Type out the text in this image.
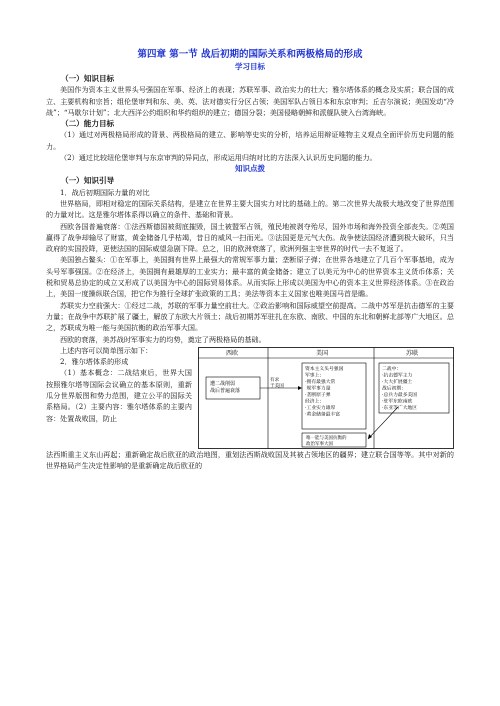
第四章 第一节 战后初期的国际关系和两极格局的形成
学习目标
（一）知识目标

美国作为资本主义世界头号强国在军事、经济上的表现；苏联军事、政治实力的壮大；雅尔塔体系的概念及实质；联合国的成立、主要机构和宗旨；组伦堡审判和东、美、英、法对德实行分区占领；美国军队占领日本和东京审判；丘吉尔演说；美国发动“冷战”；“马歇尔计划”；北大西洋公约组织和华约组织的建立；德国分裂；美国侵略朝鲜和派舰队驶入台湾海峡。

（二）能力目标

（1）通过对两极格局形成的背景、两极格局的建立、影响等史实的分析，培养运用辩证唯物主义观点全面评价历史问题的能力。

（2）通过比较纽伦堡审判与东京审判的异同点，形成运用归纳对比的方法深入认识历史问题的能力。

知识点拨
（一）知识引导

1．战后初期国际力量的对比

世界格局，即相对稳定的国际关系结构，是建立在世界主要大国实力对比的基础上的。第二次世界大战极大地改变了世界范围的力量对比。这是雅尔塔体系得以确立的条件、基础和背景。

西欧各国普遍衰落：①法西斯德国被彻底摧毁，国土被盟军占领，殖民地被剥夺殆尽，国外市场和海外投资全部丧失。②英国赢得了战争却输尽了财富，黄金储备几乎枯竭，昔日的威风一扫而光。③法国更是元气大伤。战争使法国经济遭到极大破坏，只当政府的实国投降，更使法国的国际威望急剧下降。总之，旧的欧洲衰落了，欧洲列强主宰世界的时代一去不复返了。

美国独占鳌头：①在军事上，美国拥有世界上最强大的常规军事力量；垄断原子弹；在世界各地建立了几百个军事基地，成为头号军事强国。②在经济上，美国拥有最雄厚的工业实力；最丰富的黄金储备；建立了以美元为中心的世界资本主义货币体系；关税和贸易总协定的成立又形成了以美国为中心的国际贸易体系。从而实际上形成以美国为中心的资本主义世界经济体系。③在政治上，美国一度操纵联合国，把它作为推行全球扩张政策的工具；美法等资本主义国家也唯美国马首是瞻。

苏联实力空前强大：①经过二战，苏联的军事力量空前壮大。②政治影响和国际威望空前提高。二战中苏军是抗击德军的主要力量；在战争中苏联扩展了疆土，解放了东欧大片领土；战后初期苏军驻扎在东欧、南欧、中国的东北和朝鲜北部等广大地区。总之，苏联成为唯一能与美国抗衡的政治军事大国。

西欧的衰落，美苏战时军事实力的均势，奠定了两极格局的基础。

上述内容可以简单图示如下：

2．雅尔塔体系的形成

（1）基本概念：二战结束后，世界大国按照雅尔塔等国际会议确立的基本原则，重新瓜分世界版图和势力范围，建立公平的国际关系格局。（2）主要内容：雅尔塔体系的主要内容：处置战败国，防止

西欧	美国	苏联
遭二战削弱战后普遍衰落
有求于美国
资本主义头号强国军事上：·拥有最强大常 规军事力量·垄断原子弹经济上：·工业实力雄厚·黄金储备最丰富
唯一能与美国抗衡的政治军事大国
二战中：·抗击德军主力·大大扩展疆土战后初期：·总兵力最多美国·驻军东欧南欧·东亚等广大地区

法西斯重主义东山再起；重新确定战后欧亚的政治地图，重划法西斯战败国及其被占领地区的疆界；建立联合国等等。其中对新的世界格局产生决定性影响的是重新确定战后欧亚的
